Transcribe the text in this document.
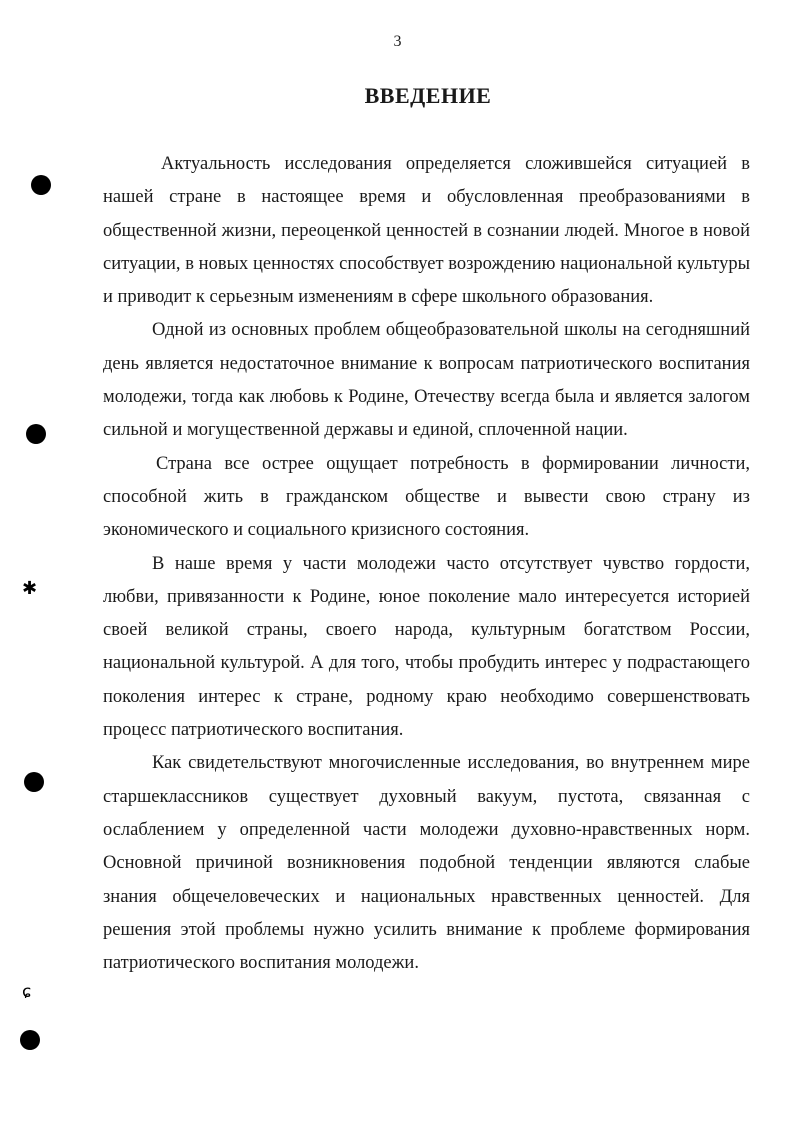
3
ВВЕДЕНИЕ

Актуальность исследования определяется сложившейся ситуацией в нашей стране в настоящее время и обусловленная преобразованиями в общественной жизни, переоценкой ценностей в сознании людей. Многое в новой ситуации, в новых ценностях способствует возрождению национальной культуры и приводит к серьезным изменениям в сфере школьного образования.

Одной из основных проблем общеобразовательной школы на сегодняшний день является недостаточное внимание к вопросам патриотического воспитания молодежи, тогда как любовь к Родине, Отечеству всегда была и является залогом сильной и могущественной державы и единой, сплоченной нации.

Страна все острее ощущает потребность в формировании личности, способной жить в гражданском обществе и вывести свою страну из экономического и социального кризисного состояния.

В наше время у части молодежи часто отсутствует чувство гордости, любви, привязанности к Родине, юное поколение мало интересуется историей своей великой страны, своего народа, культурным богатством России, национальной культурой. А для того, чтобы пробудить интерес у подрастающего поколения интерес к стране, родному краю необходимо совершенствовать процесс патриотического воспитания.

Как свидетельствуют многочисленные исследования, во внутреннем мире старшеклассников существует духовный вакуум, пустота, связанная с ослаблением у определенной части молодежи духовно-нравственных норм. Основной причиной возникновения подобной тенденции являются слабые знания общечеловеческих и национальных нравственных ценностей. Для решения этой проблемы нужно усилить внимание к проблеме формирования патриотического воспитания молодежи.

✱
ɕ
